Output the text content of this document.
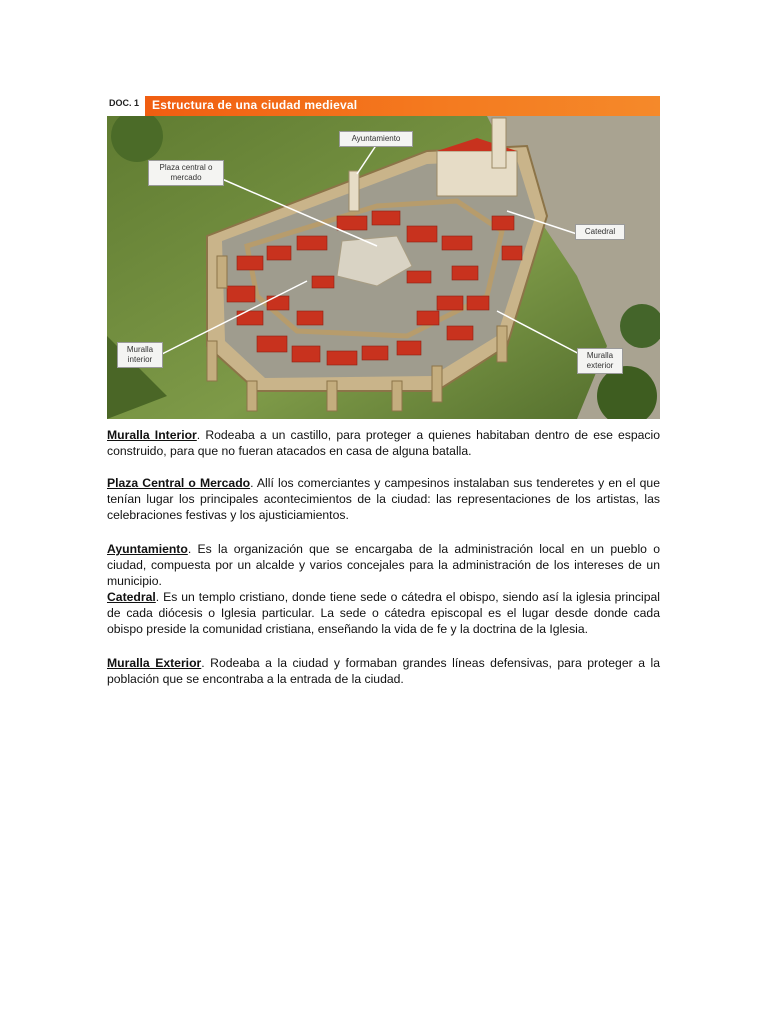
DOC. 1	Estructura de una ciudad medieval
Plaza central o mercado
Ayuntamiento
Catedral
Muralla interior	Muralla exterior

Muralla Interior. Rodeaba a un castillo, para proteger a quienes habitaban dentro de ese espacio construido, para que no fueran atacados en casa de alguna batalla.

Plaza Central o Mercado. Allí los comerciantes y campesinos instalaban sus tenderetes y en el que tenían lugar los principales acontecimientos de la ciudad: las representaciones de los artistas, las celebraciones festivas y los ajusticiamientos.

Ayuntamiento. Es la organización que se encargaba de la administración local en un pueblo o ciudad, compuesta por un alcalde y varios concejales para la administración de los intereses de un municipio.

Catedral. Es un templo cristiano, donde tiene sede o cátedra el obispo, siendo así la iglesia principal de cada diócesis o Iglesia particular. La sede o cátedra episcopal es el lugar desde donde cada obispo preside la comunidad cristiana, enseñando la vida de fe y la doctrina de la Iglesia.

Muralla Exterior. Rodeaba a la ciudad y formaban grandes líneas defensivas, para proteger a la población que se encontraba a la entrada de la ciudad.
